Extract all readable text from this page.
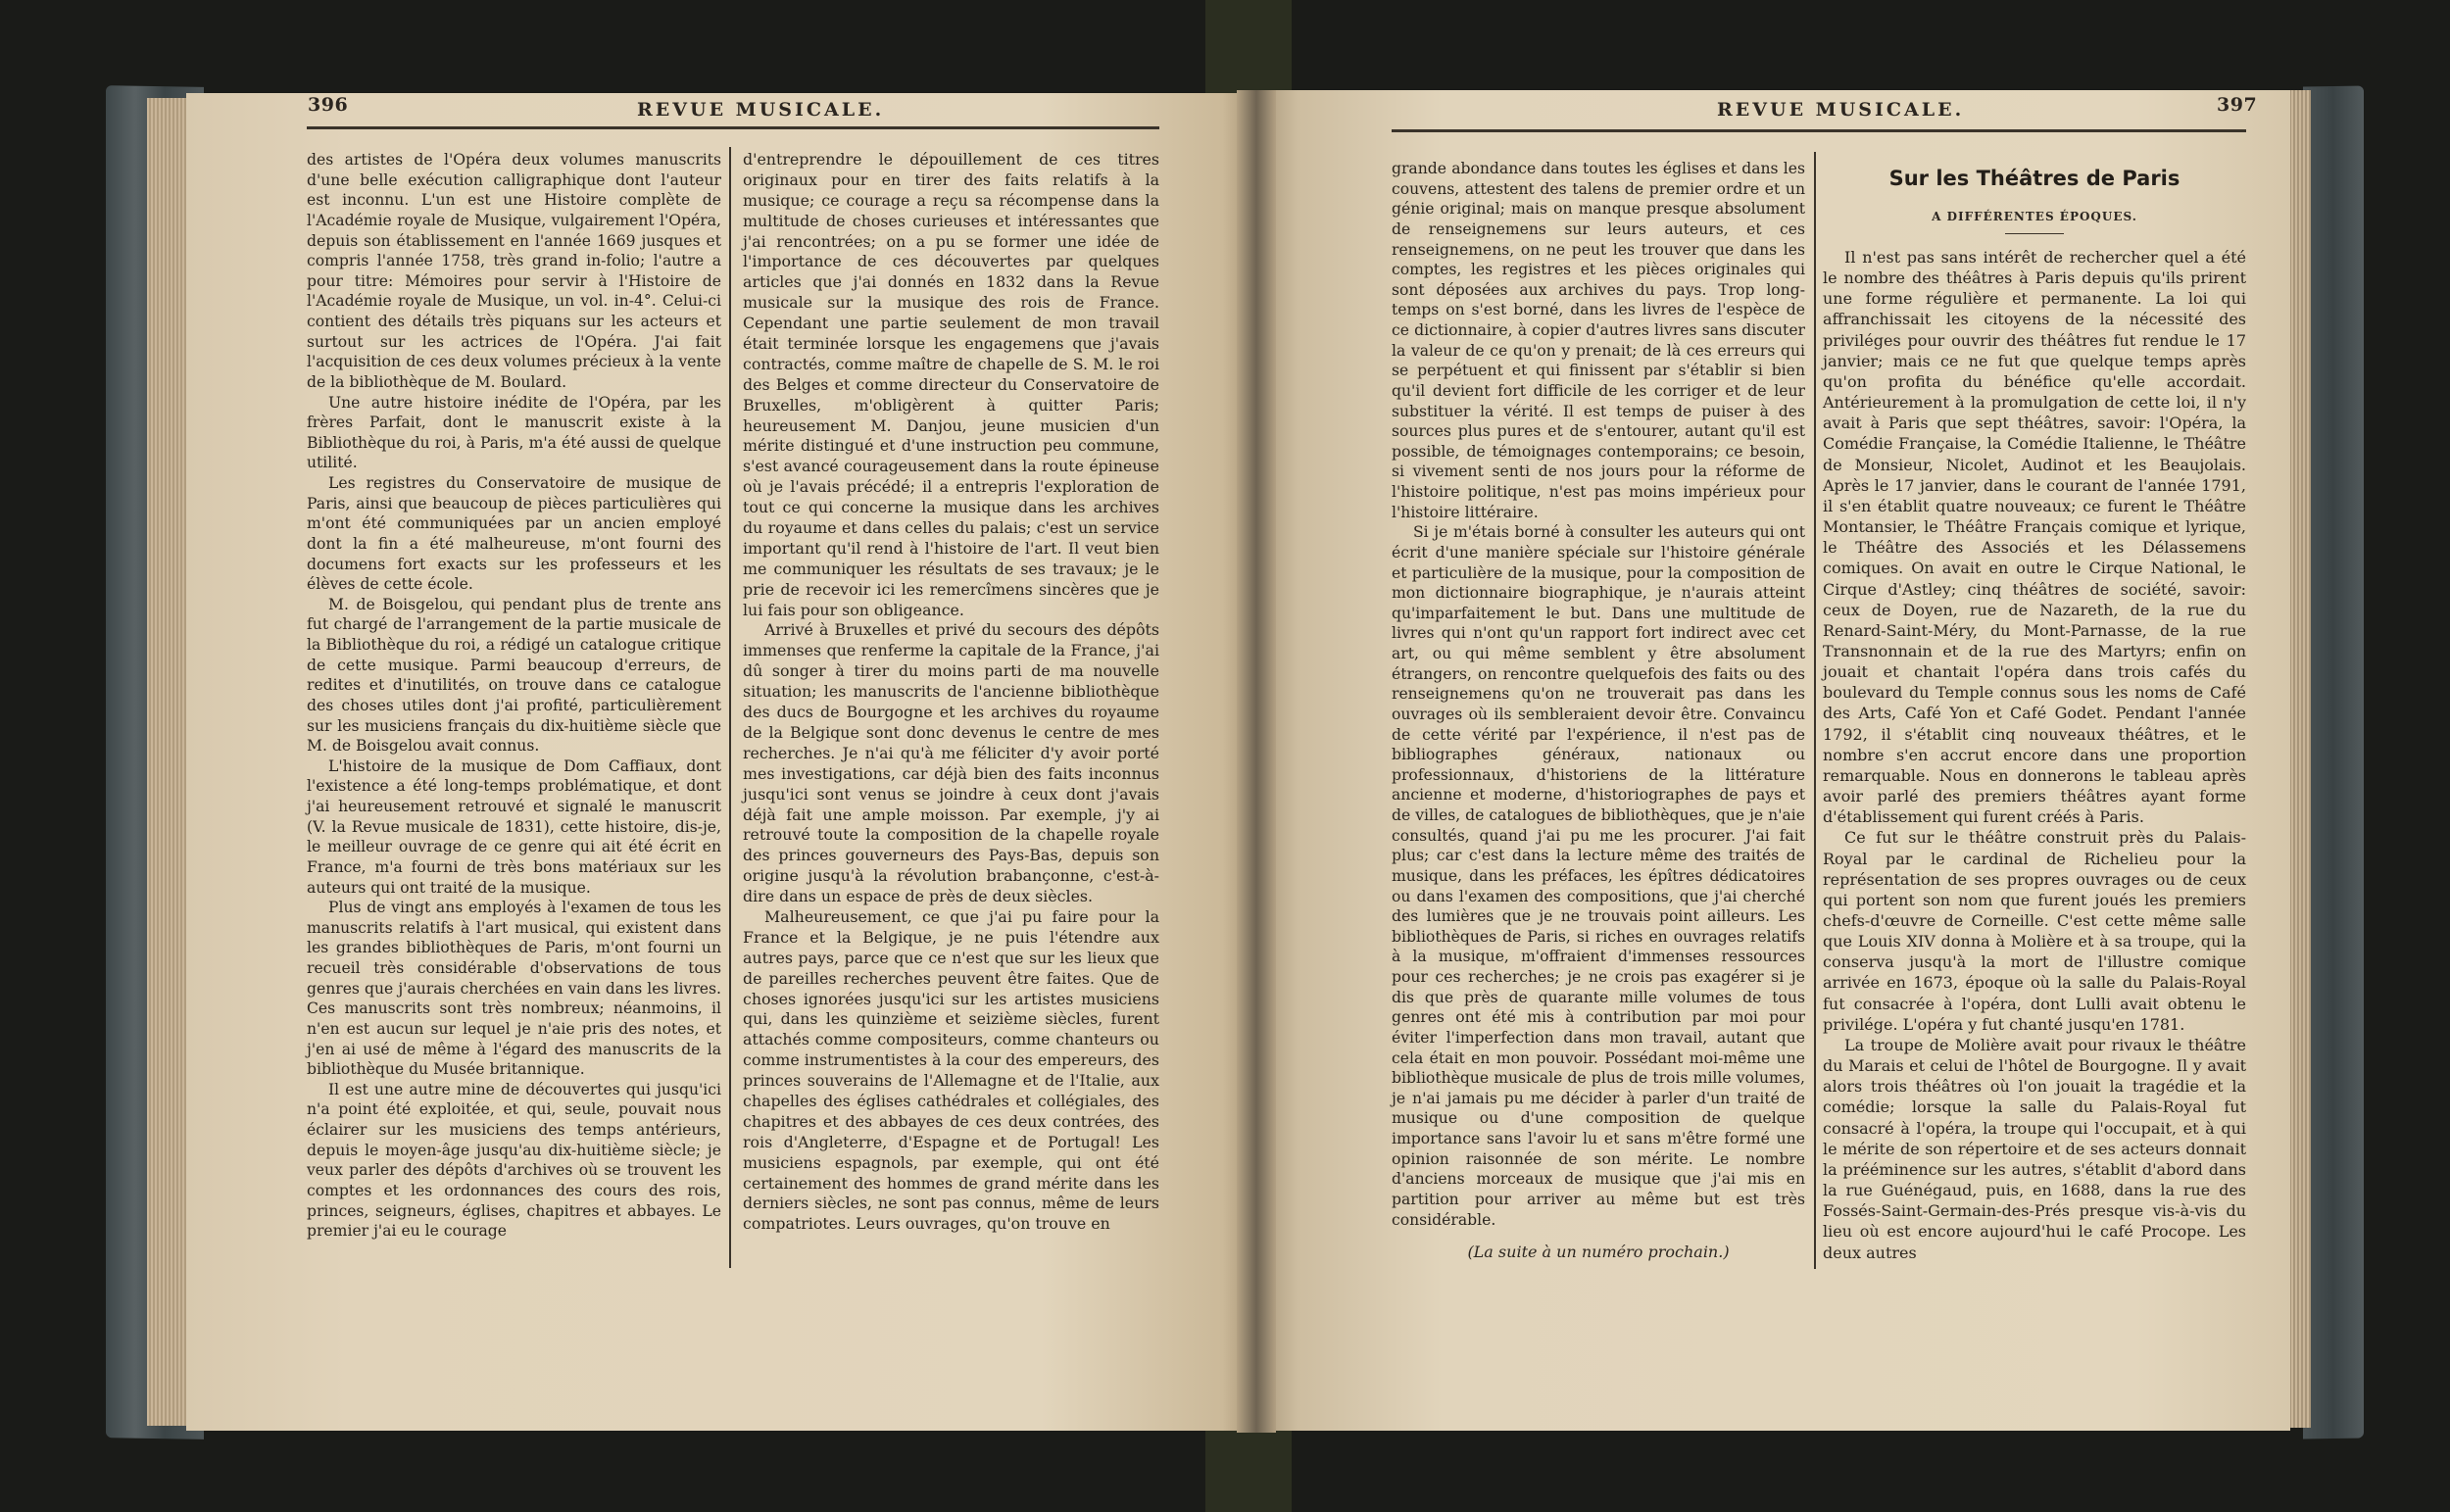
396	REVUE MUSICALE.

des artistes de l'Opéra deux volumes manuscrits d'une belle exécution calligraphique dont l'auteur est inconnu. L'un est une Histoire complète de l'Académie royale de Musique, vulgairement l'Opéra, depuis son établissement en l'année 1669 jusques et compris l'année 1758, très grand in-folio; l'autre a pour titre: Mémoires pour servir à l'Histoire de l'Académie royale de Musique, un vol. in-4°. Celui-ci contient des détails très piquans sur les acteurs et surtout sur les actrices de l'Opéra. J'ai fait l'acquisition de ces deux volumes précieux à la vente de la bibliothèque de M. Boulard.

Une autre histoire inédite de l'Opéra, par les frères Parfait, dont le manuscrit existe à la Bibliothèque du roi, à Paris, m'a été aussi de quelque utilité.

Les registres du Conservatoire de musique de Paris, ainsi que beaucoup de pièces particulières qui m'ont été communiquées par un ancien employé dont la fin a été malheureuse, m'ont fourni des documens fort exacts sur les professeurs et les élèves de cette école.

M. de Boisgelou, qui pendant plus de trente ans fut chargé de l'arrangement de la partie musicale de la Bibliothèque du roi, a rédigé un catalogue critique de cette musique. Parmi beaucoup d'erreurs, de redites et d'inutilités, on trouve dans ce catalogue des choses utiles dont j'ai profité, particulièrement sur les musiciens français du dix-huitième siècle que M. de Boisgelou avait connus.

L'histoire de la musique de Dom Caffiaux, dont l'existence a été long-temps problématique, et dont j'ai heureusement retrouvé et signalé le manuscrit (V. la Revue musicale de 1831), cette histoire, dis-je, le meilleur ouvrage de ce genre qui ait été écrit en France, m'a fourni de très bons matériaux sur les auteurs qui ont traité de la musique.

Plus de vingt ans employés à l'examen de tous les manuscrits relatifs à l'art musical, qui existent dans les grandes bibliothèques de Paris, m'ont fourni un recueil très considérable d'observations de tous genres que j'aurais cherchées en vain dans les livres. Ces manuscrits sont très nombreux; néanmoins, il n'en est aucun sur lequel je n'aie pris des notes, et j'en ai usé de même à l'égard des manuscrits de la bibliothèque du Musée britannique.

Il est une autre mine de découvertes qui jusqu'ici n'a point été exploitée, et qui, seule, pouvait nous éclairer sur les musiciens des temps antérieurs, depuis le moyen-âge jusqu'au dix-huitième siècle; je veux parler des dépôts d'archives où se trouvent les comptes et les ordonnances des cours des rois, princes, seigneurs, églises, chapitres et abbayes. Le premier j'ai eu le courage

d'entreprendre le dépouillement de ces titres originaux pour en tirer des faits relatifs à la musique; ce courage a reçu sa récompense dans la multitude de choses curieuses et intéressantes que j'ai rencontrées; on a pu se former une idée de l'importance de ces découvertes par quelques articles que j'ai donnés en 1832 dans la Revue musicale sur la musique des rois de France. Cependant une partie seulement de mon travail était terminée lorsque les engagemens que j'avais contractés, comme maître de chapelle de S. M. le roi des Belges et comme directeur du Conservatoire de Bruxelles, m'obligèrent à quitter Paris; heureusement M. Danjou, jeune musicien d'un mérite distingué et d'une instruction peu commune, s'est avancé courageusement dans la route épineuse où je l'avais précédé; il a entrepris l'exploration de tout ce qui concerne la musique dans les archives du royaume et dans celles du palais; c'est un service important qu'il rend à l'histoire de l'art. Il veut bien me communiquer les résultats de ses travaux; je le prie de recevoir ici les remercîmens sincères que je lui fais pour son obligeance.

Arrivé à Bruxelles et privé du secours des dépôts immenses que renferme la capitale de la France, j'ai dû songer à tirer du moins parti de ma nouvelle situation; les manuscrits de l'ancienne bibliothèque des ducs de Bourgogne et les archives du royaume de la Belgique sont donc devenus le centre de mes recherches. Je n'ai qu'à me féliciter d'y avoir porté mes investigations, car déjà bien des faits inconnus jusqu'ici sont venus se joindre à ceux dont j'avais déjà fait une ample moisson. Par exemple, j'y ai retrouvé toute la composition de la chapelle royale des princes gouverneurs des Pays-Bas, depuis son origine jusqu'à la révolution brabançonne, c'est-à-dire dans un espace de près de deux siècles.

Malheureusement, ce que j'ai pu faire pour la France et la Belgique, je ne puis l'étendre aux autres pays, parce que ce n'est que sur les lieux que de pareilles recherches peuvent être faites. Que de choses ignorées jusqu'ici sur les artistes musiciens qui, dans les quinzième et seizième siècles, furent attachés comme compositeurs, comme chanteurs ou comme instrumentistes à la cour des empereurs, des princes souverains de l'Allemagne et de l'Italie, aux chapelles des églises cathédrales et collégiales, des chapitres et des abbayes de ces deux contrées, des rois d'Angleterre, d'Espagne et de Portugal! Les musiciens espagnols, par exemple, qui ont été certainement des hommes de grand mérite dans les derniers siècles, ne sont pas connus, même de leurs compatriotes. Leurs ouvrages, qu'on trouve en

REVUE MUSICALE.	397

grande abondance dans toutes les églises et dans les couvens, attestent des talens de premier ordre et un génie original; mais on manque presque absolument de renseignemens sur leurs auteurs, et ces renseignemens, on ne peut les trouver que dans les comptes, les registres et les pièces originales qui sont déposées aux archives du pays. Trop long-temps on s'est borné, dans les livres de l'espèce de ce dictionnaire, à copier d'autres livres sans discuter la valeur de ce qu'on y prenait; de là ces erreurs qui se perpétuent et qui finissent par s'établir si bien qu'il devient fort difficile de les corriger et de leur substituer la vérité. Il est temps de puiser à des sources plus pures et de s'entourer, autant qu'il est possible, de témoignages contemporains; ce besoin, si vivement senti de nos jours pour la réforme de l'histoire politique, n'est pas moins impérieux pour l'histoire littéraire.

Si je m'étais borné à consulter les auteurs qui ont écrit d'une manière spéciale sur l'histoire générale et particulière de la musique, pour la composition de mon dictionnaire biographique, je n'aurais atteint qu'imparfaitement le but. Dans une multitude de livres qui n'ont qu'un rapport fort indirect avec cet art, ou qui même semblent y être absolument étrangers, on rencontre quelquefois des faits ou des renseignemens qu'on ne trouverait pas dans les ouvrages où ils sembleraient devoir être. Convaincu de cette vérité par l'expérience, il n'est pas de bibliographes généraux, nationaux ou professionnaux, d'historiens de la littérature ancienne et moderne, d'historiographes de pays et de villes, de catalogues de bibliothèques, que je n'aie consultés, quand j'ai pu me les procurer. J'ai fait plus; car c'est dans la lecture même des traités de musique, dans les préfaces, les épîtres dédicatoires ou dans l'examen des compositions, que j'ai cherché des lumières que je ne trouvais point ailleurs. Les bibliothèques de Paris, si riches en ouvrages relatifs à la musique, m'offraient d'immenses ressources pour ces recherches; je ne crois pas exagérer si je dis que près de quarante mille volumes de tous genres ont été mis à contribution par moi pour éviter l'imperfection dans mon travail, autant que cela était en mon pouvoir. Possédant moi-même une bibliothèque musicale de plus de trois mille volumes, je n'ai jamais pu me décider à parler d'un traité de musique ou d'une composition de quelque importance sans l'avoir lu et sans m'être formé une opinion raisonnée de son mérite. Le nombre d'anciens morceaux de musique que j'ai mis en partition pour arriver au même but est très considérable.

(La suite à un numéro prochain.)
Sur les Théâtres de Paris
A DIFFÉRENTES ÉPOQUES.

Il n'est pas sans intérêt de rechercher quel a été le nombre des théâtres à Paris depuis qu'ils prirent une forme régulière et permanente. La loi qui affranchissait les citoyens de la nécessité des priviléges pour ouvrir des théâtres fut rendue le 17 janvier; mais ce ne fut que quelque temps après qu'on profita du bénéfice qu'elle accordait. Antérieurement à la promulgation de cette loi, il n'y avait à Paris que sept théâtres, savoir: l'Opéra, la Comédie Française, la Comédie Italienne, le Théâtre de Monsieur, Nicolet, Audinot et les Beaujolais. Après le 17 janvier, dans le courant de l'année 1791, il s'en établit quatre nouveaux; ce furent le Théâtre Montansier, le Théâtre Français comique et lyrique, le Théâtre des Associés et les Délassemens comiques. On avait en outre le Cirque National, le Cirque d'Astley; cinq théâtres de société, savoir: ceux de Doyen, rue de Nazareth, de la rue du Renard-Saint-Méry, du Mont-Parnasse, de la rue Transnonnain et de la rue des Martyrs; enfin on jouait et chantait l'opéra dans trois cafés du boulevard du Temple connus sous les noms de Café des Arts, Café Yon et Café Godet. Pendant l'année 1792, il s'établit cinq nouveaux théâtres, et le nombre s'en accrut encore dans une proportion remarquable. Nous en donnerons le tableau après avoir parlé des premiers théâtres ayant forme d'établissement qui furent créés à Paris.

Ce fut sur le théâtre construit près du Palais-Royal par le cardinal de Richelieu pour la représentation de ses propres ouvrages ou de ceux qui portent son nom que furent joués les premiers chefs-d'œuvre de Corneille. C'est cette même salle que Louis XIV donna à Molière et à sa troupe, qui la conserva jusqu'à la mort de l'illustre comique arrivée en 1673, époque où la salle du Palais-Royal fut consacrée à l'opéra, dont Lulli avait obtenu le privilége. L'opéra y fut chanté jusqu'en 1781.

La troupe de Molière avait pour rivaux le théâtre du Marais et celui de l'hôtel de Bourgogne. Il y avait alors trois théâtres où l'on jouait la tragédie et la comédie; lorsque la salle du Palais-Royal fut consacré à l'opéra, la troupe qui l'occupait, et à qui le mérite de son répertoire et de ses acteurs donnait la prééminence sur les autres, s'établit d'abord dans la rue Guénégaud, puis, en 1688, dans la rue des Fossés-Saint-Germain-des-Prés presque vis-à-vis du lieu où est encore aujourd'hui le café Procope. Les deux autres
